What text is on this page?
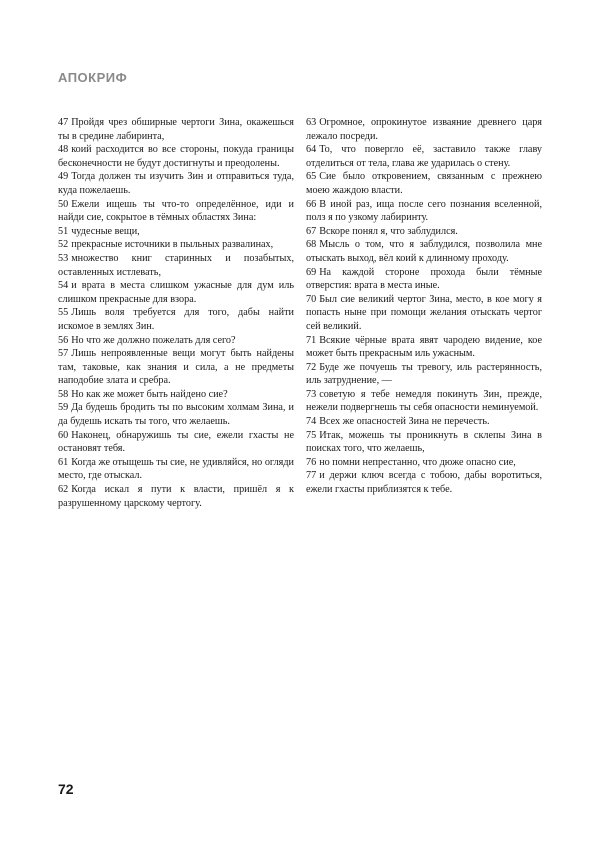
АПОКРИФ

47 Пройдя чрез обширные чертоги Зина, окажешься ты в средине лабиринта,

48 коий расходится во все стороны, покуда границы бесконечности не будут достигнуты и преодолены.

49 Тогда должен ты изучить Зин и отправиться туда, куда пожелаешь.

50 Ежели ищешь ты что-то определённое, иди и найди сие, сокрытое в тёмных областях Зина:

51 чудесные вещи,

52 прекрасные источники в пыльных развалинах,

53 множество книг старинных и позабытых, оставленных истлевать,

54 и врата в места слишком ужасные для дум иль слишком прекрасные для взора.

55 Лишь воля требуется для того, дабы найти искомое в землях Зин.

56 Но что же должно пожелать для сего?

57 Лишь непроявленные вещи могут быть найдены там, таковые, как знания и сила, а не предметы наподобие злата и сребра.

58 Но как же может быть найдено сие?

59 Да будешь бродить ты по высоким холмам Зина, и да будешь искать ты того, что желаешь.

60 Наконец, обнаружишь ты сие, ежели гхасты не остановят тебя.

61 Когда же отыщешь ты сие, не удивляйся, но огляди место, где отыскал.

62 Когда искал я пути к власти, пришёл я к разрушенному царскому чертогу.

63 Огромное, опрокинутое изваяние древнего царя лежало посреди.

64 То, что повергло её, заставило также главу отделиться от тела, глава же ударилась о стену.

65 Сие было откровением, связанным с прежнею моею жаждою власти.

66 В иной раз, ища после сего познания вселенной, полз я по узкому лабиринту.

67 Вскоре понял я, что заблудился.

68 Мысль о том, что я заблудился, позволила мне отыскать выход, вёл коий к длинному проходу.

69 На каждой стороне прохода были тёмные отверстия: врата в места иные.

70 Был сие великий чертог Зина, место, в кое могу я попасть ныне при помощи желания отыскать чертог сей великий.

71 Всякие чёрные врата явят чародею видение, кое может быть прекрасным иль ужасным.

72 Буде же почуешь ты тревогу, иль растерянность, иль затруднение, —

73 советую я тебе немедля покинуть Зин, прежде, нежели подвергнешь ты себя опасности неминуемой.

74 Всех же опасностей Зина не перечесть.

75 Итак, можешь ты проникнуть в склепы Зина в поисках того, что желаешь,

76 но помни непрестанно, что дюже опасно сие,

77 и держи ключ всегда с тобою, дабы воротиться, ежели гхасты приблизятся к тебе.

72
